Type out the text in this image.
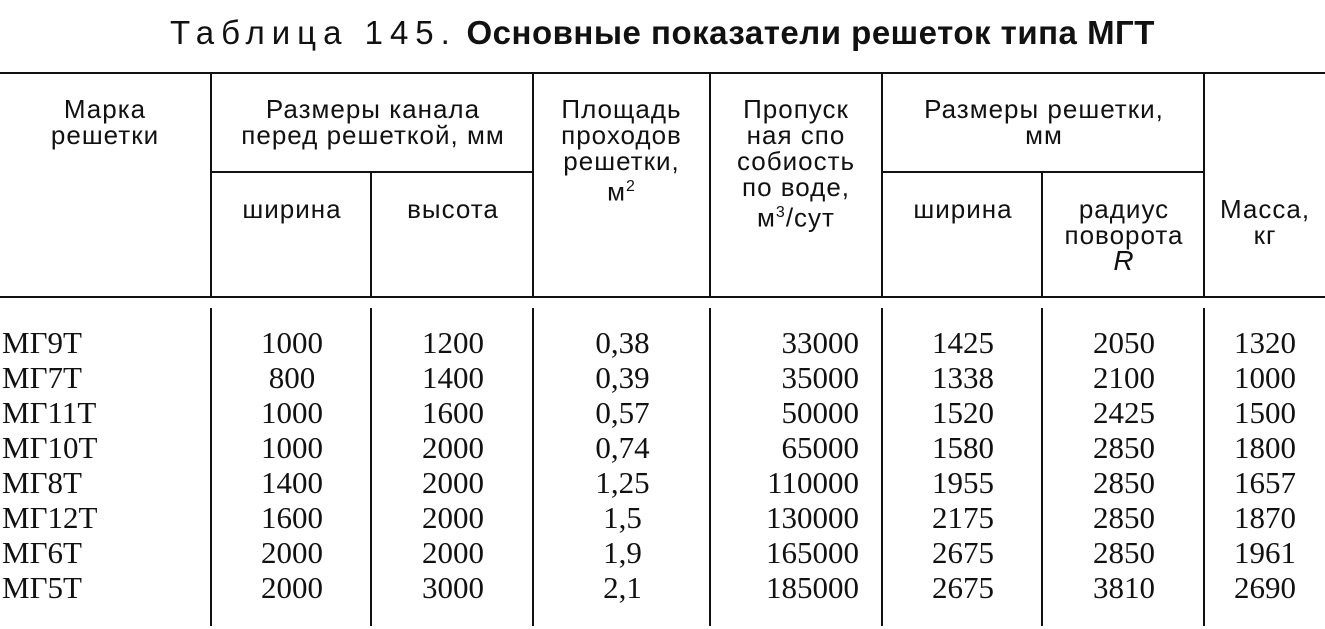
Таблица 145. Основные показатели решеток типа МГТ
Марка
решетки
Размеры канала
перед решеткой, мм
ширина	высота
Площадь
проходов
решетки,
$м^2$
Пропуск
ная спо
собиость
по воде,
$м^3$/сут
Размеры решетки,
мм
ширина	радиус
поворота
R
Масса,
кг
МГ9Т	1000	1200	0,38	33000	1425	2050	1320
МГ7Т	800	1400	0,39	35000	1338	2100	1000
МГ11Т	1000	1600	0,57	50000	1520	2425	1500
МГ10Т	1000	2000	0,74	65000	1580	2850	1800
МГ8Т	1400	2000	1,25	110000	1955	2850	1657
МГ12Т	1600	2000	1,5	130000	2175	2850	1870
МГ6Т	2000	2000	1,9	165000	2675	2850	1961
МГ5Т	2000	3000	2,1	185000	2675	3810	2690
